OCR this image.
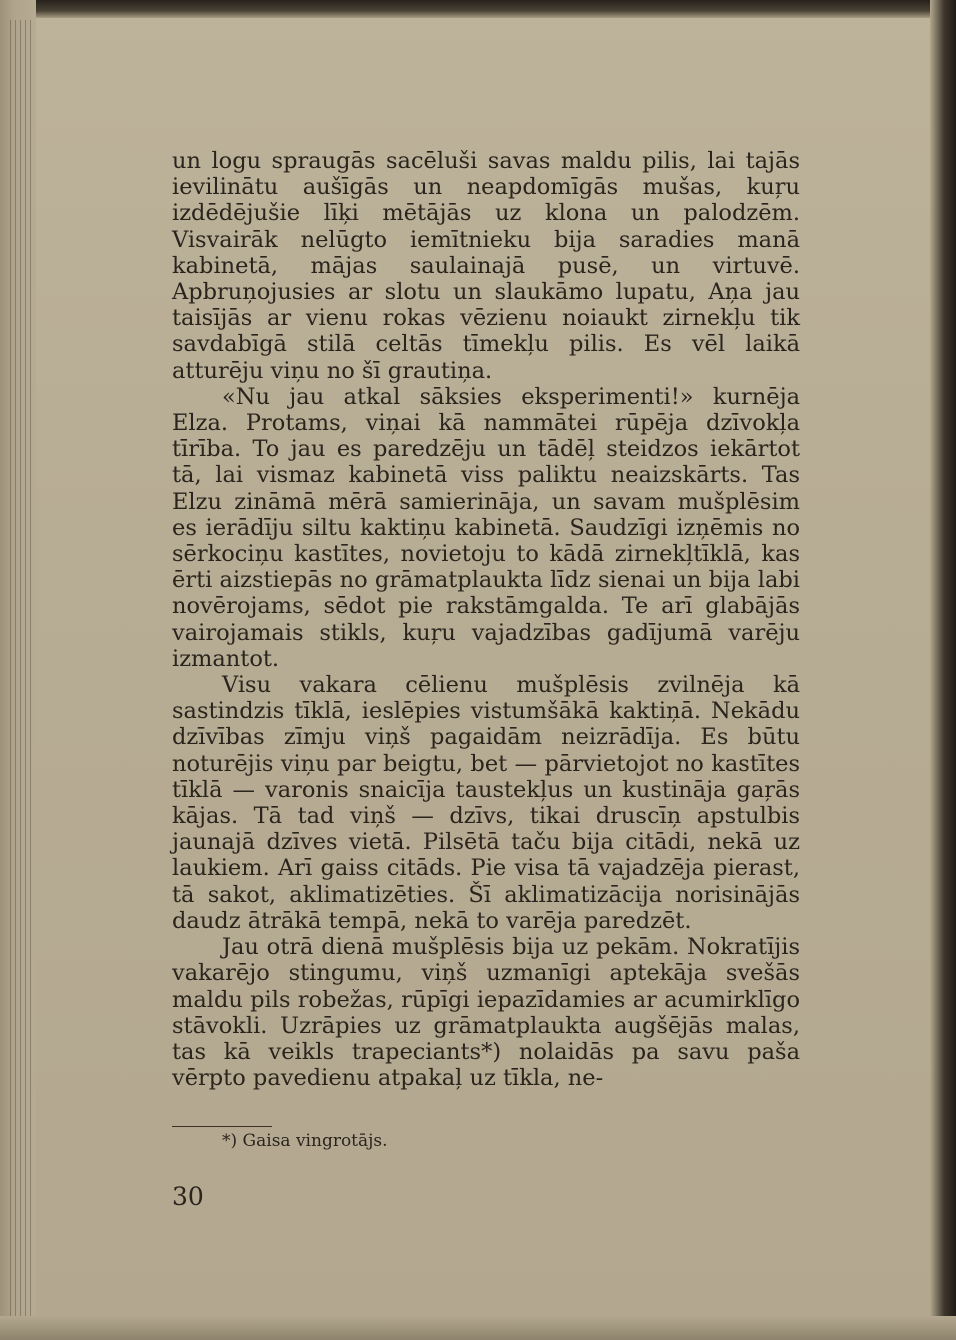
un logu spraugās sacēluši savas maldu pilis, lai tajās ievilinātu aušīgās un neapdomīgās mušas, kuŗu izdēdējušie līķi mētājās uz klona un palodzēm. Visvairāk nelūgto iemītnieku bija saradies manā kabinetā, mājas saulainajā pusē, un virtuvē. Apbruņojusies ar slotu un slaukāmo lupatu, Aņa jau taisījās ar vienu rokas vēzienu noiaukt zirnekļu tik savdabīgā stilā celtās tīmekļu pilis. Es vēl laikā atturēju viņu no šī grautiņa.

«Nu jau atkal sāksies eksperimenti!» kurnēja Elza. Protams, viņai kā nammātei rūpēja dzīvokļa tīrība. To jau es paredzēju un tādēļ steidzos iekārtot tā, lai vismaz kabinetā viss paliktu neaizskārts. Tas Elzu zināmā mērā samierināja, un savam mušplēsim es ierādīju siltu kaktiņu kabinetā. Saudzīgi izņēmis no sērkociņu kastītes, novietoju to kādā zirnekļtīklā, kas ērti aizstiepās no grāmatplaukta līdz sienai un bija labi novērojams, sēdot pie rakstāmgalda. Te arī glabājās vairojamais stikls, kuŗu vajadzības gadījumā varēju izmantot.

Visu vakara cēlienu mušplēsis zvilnēja kā sastindzis tīklā, ieslēpies vistumšākā kaktiņā. Nekādu dzīvības zīmju viņš pagaidām neizrādīja. Es būtu noturējis viņu par beigtu, bet — pārvietojot no kastītes tīklā — varonis snaicīja taustekļus un kustināja gaŗās kājas. Tā tad viņš — dzīvs, tikai druscīņ apstulbis jaunajā dzīves vietā. Pilsētā taču bija citādi, nekā uz laukiem. Arī gaiss citāds. Pie visa tā vajadzēja pierast, tā sakot, aklimatizēties. Šī aklimatizācija norisinājās daudz ātrākā tempā, nekā to varēja paredzēt.

Jau otrā dienā mušplēsis bija uz pekām. Nokratījis vakarējo stingumu, viņš uzmanīgi aptekāja svešās maldu pils robežas, rūpīgi iepazīdamies ar acumirklīgo stāvokli. Uzrāpies uz grāmatplaukta augšējās malas, tas kā veikls trapeciants*) nolaidās pa savu paša vērpto pavedienu atpakaļ uz tīkla, ne-

*) Gaisa vingrotājs.
30
